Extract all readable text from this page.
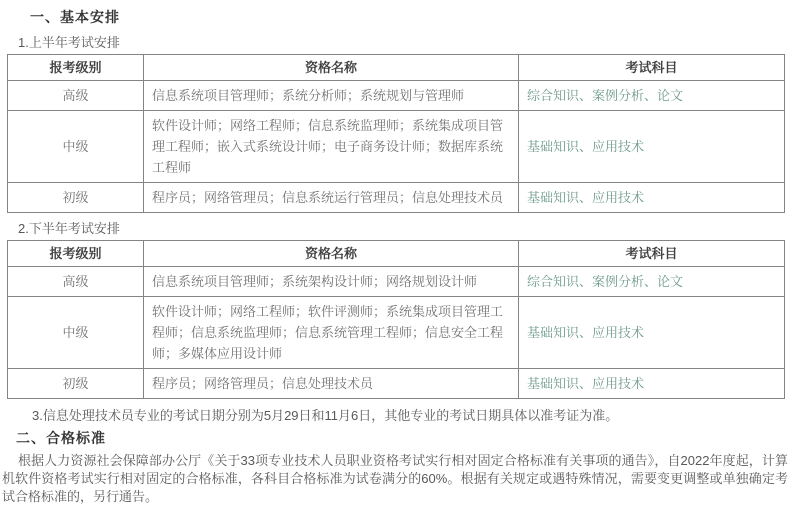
一、基本安排
1.上半年考试安排
报考级别	资格名称	考试科目
高级	信息系统项目管理师；系统分析师；系统规划与管理师	综合知识、案例分析、论文
中级	软件设计师；网络工程师；信息系统监理师；系统集成项目管理工程师；嵌入式系统设计师；电子商务设计师；数据库系统工程师	基础知识、应用技术
初级	程序员；网络管理员；信息系统运行管理员；信息处理技术员	基础知识、应用技术
2.下半年考试安排
报考级别	资格名称	考试科目
高级	信息系统项目管理师；系统架构设计师；网络规划设计师	综合知识、案例分析、论文
中级	软件设计师；网络工程师；软件评测师；系统集成项目管理工程师；信息系统监理师；信息系统管理工程师；信息安全工程师；多媒体应用设计师	基础知识、应用技术
初级	程序员；网络管理员；信息处理技术员	基础知识、应用技术
3.信息处理技术员专业的考试日期分别为5月29日和11月6日，其他专业的考试日期具体以准考证为准。
二、合格标准
根据人力资源社会保障部办公厅《关于33项专业技术人员职业资格考试实行相对固定合格标准有关事项的通告》，自2022年度起，计算机软件资格考试实行相对固定的合格标准，各科目合格标准为试卷满分的60%。根据有关规定或遇特殊情况，需要变更调整或单独确定考试合格标准的，另行通告。
